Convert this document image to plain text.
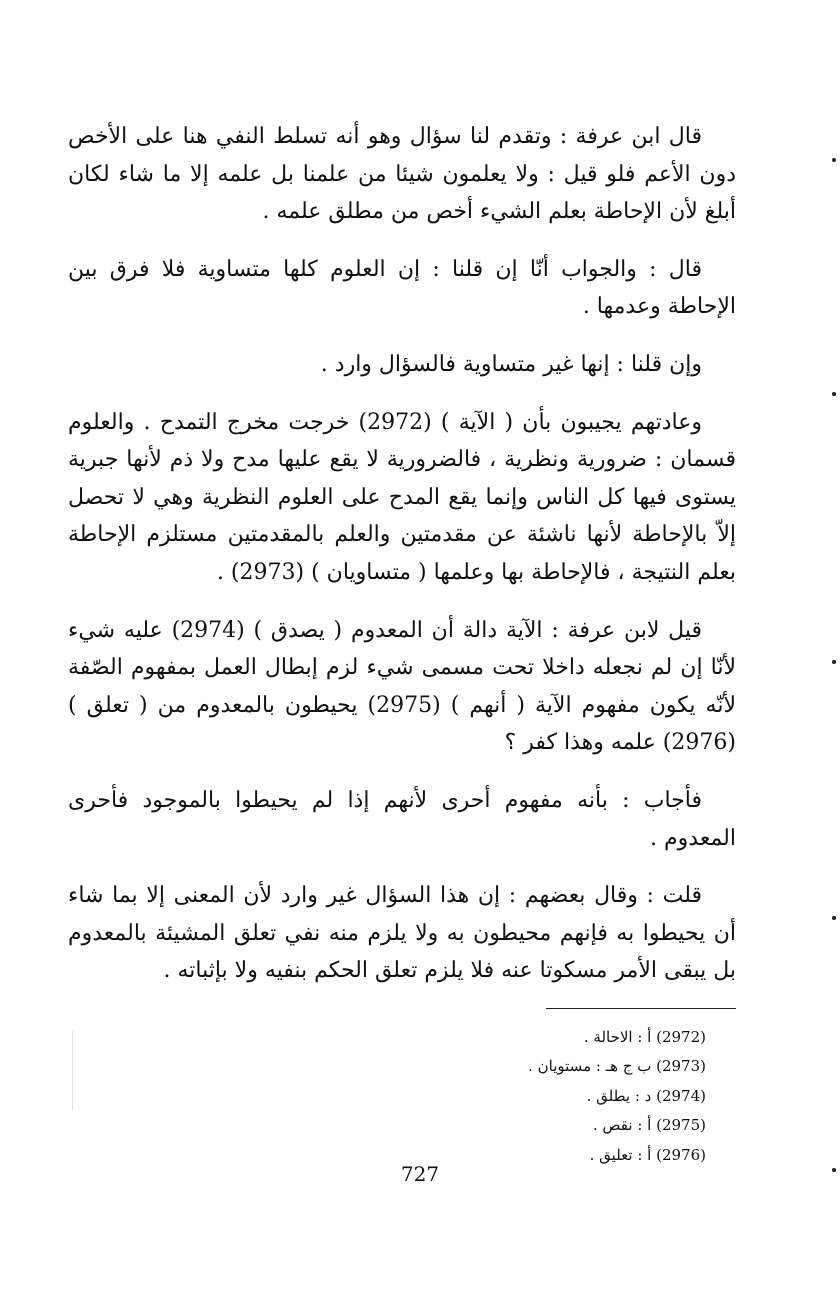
قال ابن عرفة : وتقدم لنا سؤال وهو أنه تسلط النفي هنا على الأخص دون الأعم فلو قيل : ولا يعلمون شيئا من علمنا بل علمه إلا ما شاء لكان أبلغ لأن الإحاطة بعلم الشيء أخص من مطلق علمه .

قال : والجواب أنّا إن قلنا : إن العلوم كلها متساوية فلا فرق بين الإحاطة وعدمها .

وإن قلنا : إنها غير متساوية فالسؤال وارد .

وعادتهم يجيبون بأن ( الآية ) (2972) خرجت مخرج التمدح . والعلوم قسمان : ضرورية ونظرية ، فالضرورية لا يقع عليها مدح ولا ذم لأنها جبرية يستوى فيها كل الناس وإنما يقع المدح على العلوم النظرية وهي لا تحصل إلاّ بالإحاطة لأنها ناشئة عن مقدمتين والعلم بالمقدمتين مستلزم الإحاطة بعلم النتيجة ، فالإحاطة بها وعلمها ( متساويان ) (2973) .

قيل لابن عرفة : الآية دالة أن المعدوم ( يصدق ) (2974) عليه شيء لأنّا إن لم نجعله داخلا تحت مسمى شيء لزم إبطال العمل بمفهوم الصّفة لأنّه يكون مفهوم الآية ( أنهم ) (2975) يحيطون بالمعدوم من ( تعلق ) (2976) علمه وهذا كفر ؟

فأجاب : بأنه مفهوم أحرى لأنهم إذا لم يحيطوا بالموجود فأحرى المعدوم .

قلت : وقال بعضهم : إن هذا السؤال غير وارد لأن المعنى إلا بما شاء أن يحيطوا به فإنهم محيطون به ولا يلزم منه نفي تعلق المشيئة بالمعدوم بل يبقى الأمر مسكوتا عنه فلا يلزم تعلق الحكم بنفيه ولا بإثباته .

(2972) أ : الاحالة .
(2973) ب ج هـ : مستويان .
(2974) د : يطلق .
(2975) أ : نقص .
(2976) أ : تعليق .
727
